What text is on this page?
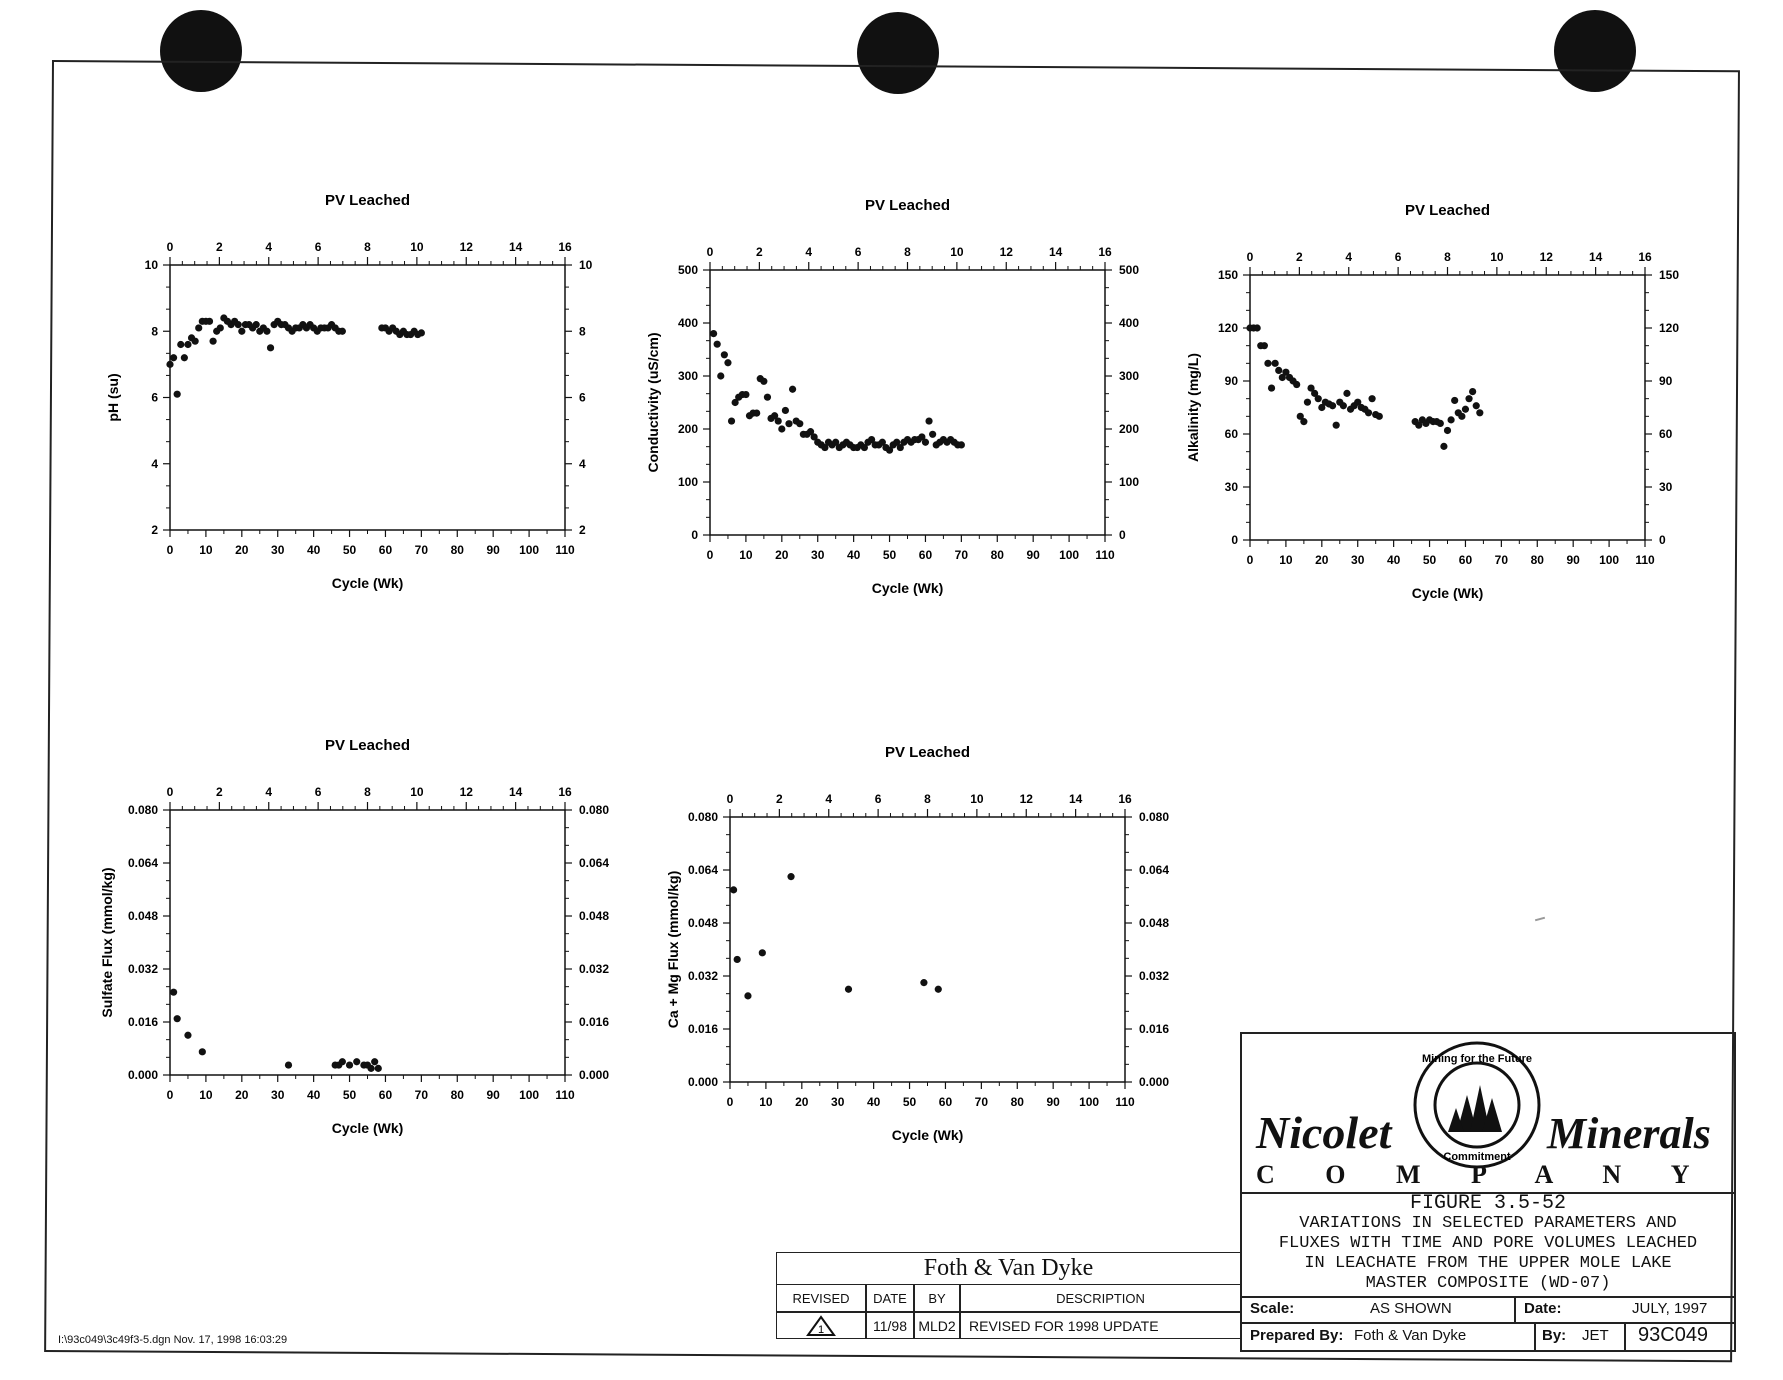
PV Leached
0	2	4	6	8	10	12	14	16
0 10 20 30 40 50 60 70 80 90 100 110
Cycle (Wk)
2	2
4	4
6	6
8	8
10	10
pH (su)
PV Leached
0	2	4	6	8	10	12	14	16
0 10 20 30 40 50 60 70 80 90 100 110
Cycle (Wk)
0	0
100	100
200	200
300	300
400	400
500	500
Conductivity (uS/cm)
PV Leached
0	2	4	6	8	10	12	14	16
0 10 20 30 40 50 60 70 80 90 100 110
Cycle (Wk)
0	0
30	30
60	60
90	90
120	120
150	150
Alkalinity (mg/L)
PV Leached
0	2	4	6	8	10	12	14	16
0 10 20 30 40 50 60 70 80 90 100 110
Cycle (Wk)
0.000	0.000
0.016	0.016
0.032	0.032
0.048	0.048
0.064	0.064
0.080	0.080
Sulfate Flux (mmol/kg)
PV Leached
0	2	4	6	8	10	12	14	16
0 10 20 30 40 50 60 70 80 90 100 110
Cycle (Wk)
0.000	0.000
0.016	0.016
0.032	0.032
0.048	0.048
0.064	0.064
0.080	0.080
Ca + Mg Flux (mmol/kg)
Foth & Van Dyke
REVISED	DATE	BY	DESCRIPTION
1	11/98 MLD2 REVISED FOR 1998 UPDATE
Mining for the Future
Commitment
Nicolet	Minerals
C O M P A N Y
FIGURE 3.5-52
VARIATIONS IN SELECTED PARAMETERS AND
FLUXES WITH TIME AND PORE VOLUMES LEACHED
IN LEACHATE FROM THE UPPER MOLE LAKE
MASTER COMPOSITE (WD-07)
Scale:	AS SHOWN	Date:	JULY, 1997
Prepared By: Foth & Van Dyke	By: JET 93C049
I:\93c049\3c49f3-5.dgn Nov. 17, 1998 16:03:29
